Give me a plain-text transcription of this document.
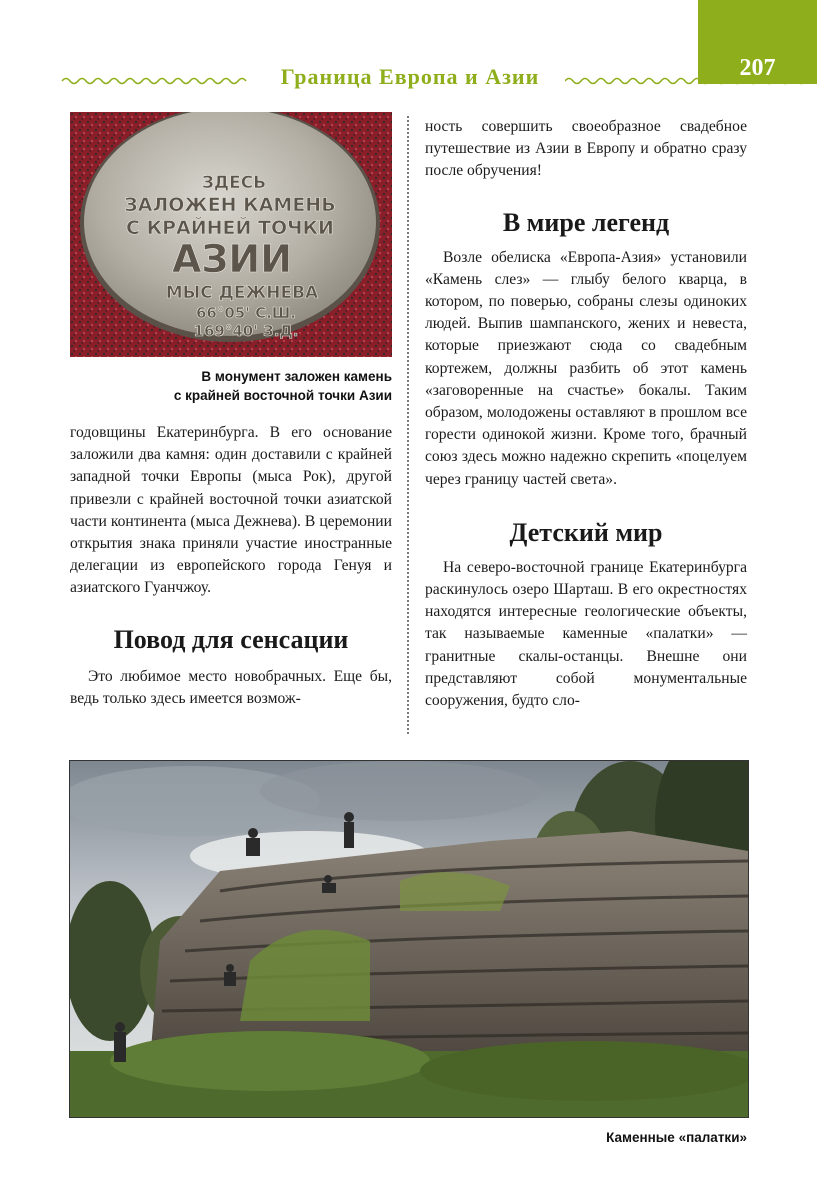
207
Граница Европа и Азии
ЗДЕСЬ
ЗАЛОЖЕН КАМЕНЬ
С КРАЙНЕЙ ТОЧКИ
АЗИИ
МЫС ДЕЖНЕВА
66°05' С.Ш.
169°40' З.Д.
В монумент заложен камень
с крайней восточной точки Азии

годовщины Екатеринбурга. В его основание заложили два камня: один доставили с крайней западной точки Европы (мыса Рок), другой привезли с крайней восточной точки азиатской части континента (мыса Дежнева). В церемонии открытия знака приняли участие иностранные делегации из европейского города Генуя и азиатского Гуанчжоу.

Повод для сенсации

Это любимое место новобрачных. Еще бы, ведь только здесь имеется возмож-

ность совершить своеобразное свадебное путешествие из Азии в Европу и обратно сразу после обручения!

В мире легенд

Возле обелиска «Европа-Азия» установили «Камень слез» — глыбу белого кварца, в котором, по поверью, собраны слезы одиноких людей. Выпив шампанского, жених и невеста, которые приезжают сюда со свадебным кортежем, должны разбить об этот камень «заговоренные на счастье» бокалы. Таким образом, молодожены оставляют в прошлом все горести одинокой жизни. Кроме того, брачный союз здесь можно надежно скрепить «поцелуем через границу частей света».

Детский мир

На северо-восточной границе Екатеринбурга раскинулось озеро Шарташ. В его окрестностях находятся интересные геологические объекты, так называемые каменные «палатки» — гранитные скалы-останцы. Внешне они представляют собой монументальные сооружения, будто сло-

Каменные «палатки»
